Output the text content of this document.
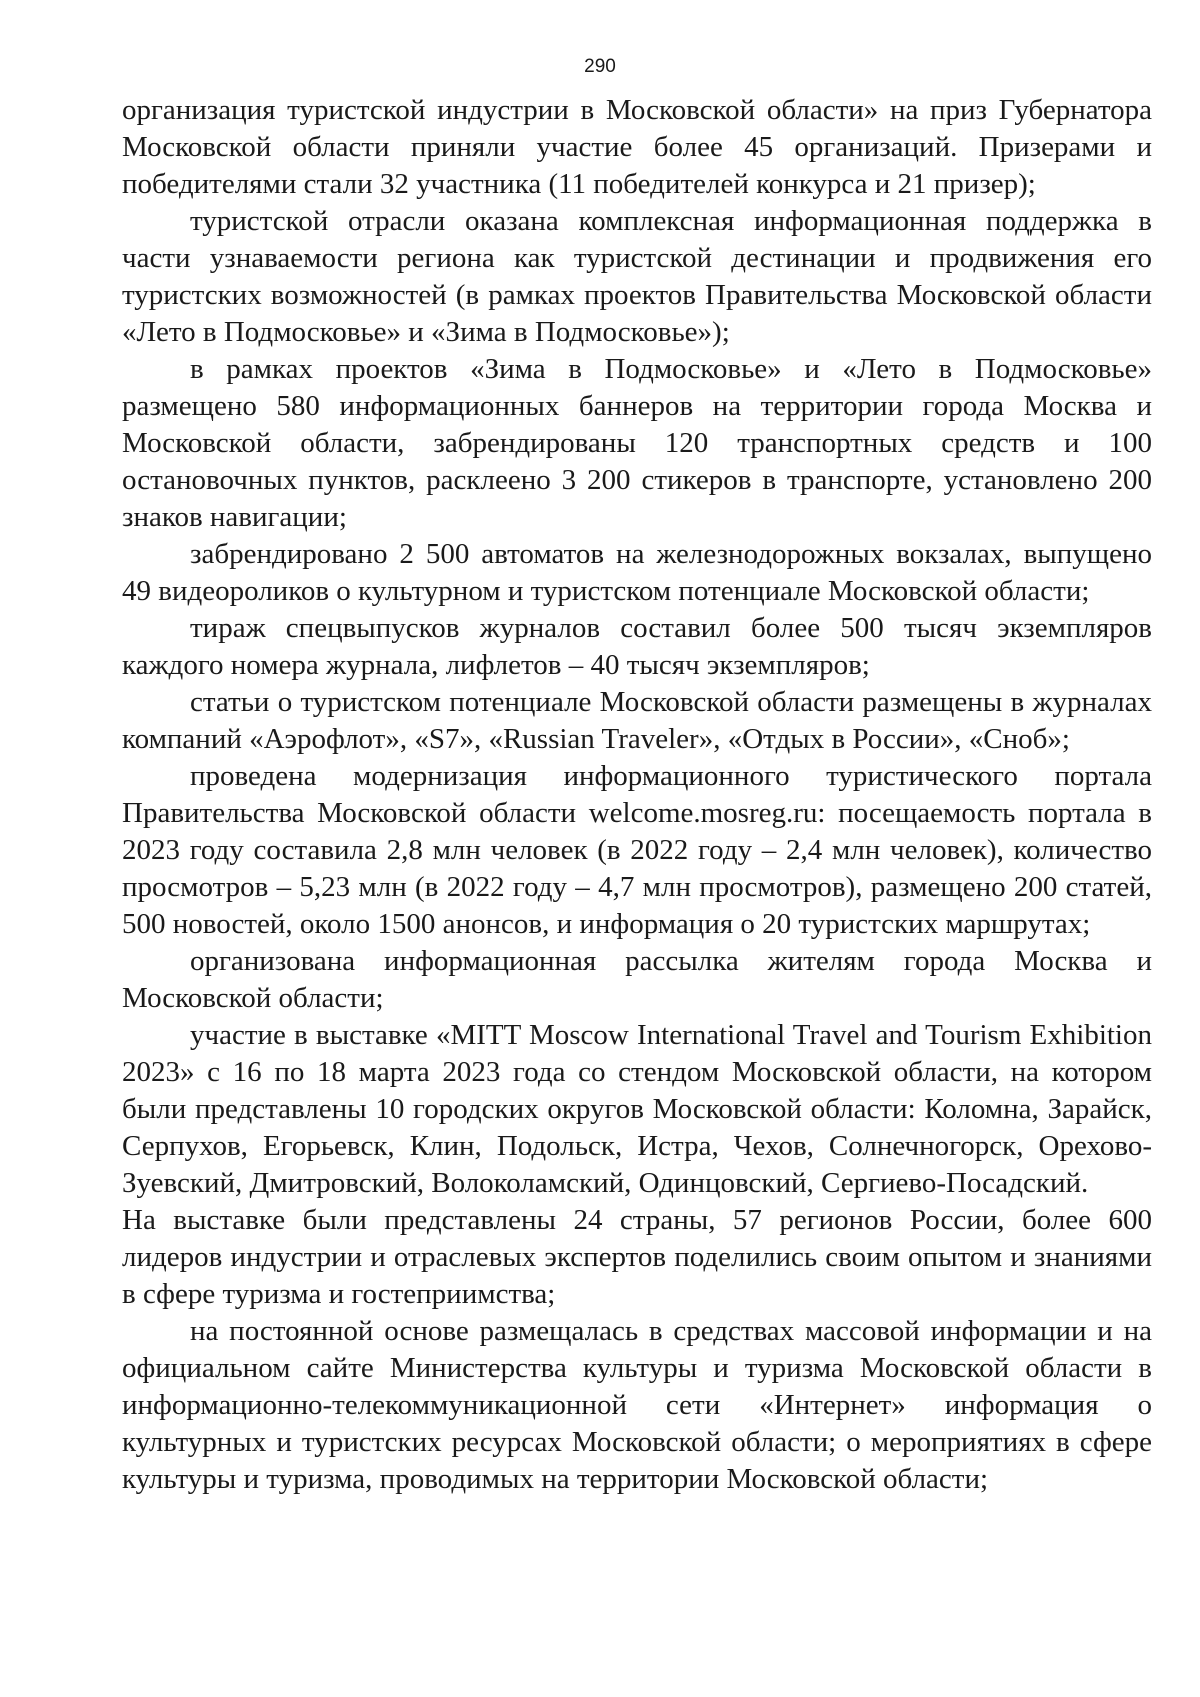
290

организация туристской индустрии в Московской области» на приз Губернатора Московской области приняли участие более 45 организаций. Призерами и победителями стали 32 участника (11 победителей конкурса и 21 призер);

туристской отрасли оказана комплексная информационная поддержка в части узнаваемости региона как туристской дестинации и продвижения его туристских возможностей (в рамках проектов Правительства Московской области «Лето в Подмосковье» и «Зима в Подмосковье»);

в рамках проектов «Зима в Подмосковье» и «Лето в Подмосковье» размещено 580 информационных баннеров на территории города Москва и Московской области, забрендированы 120 транспортных средств и 100 остановочных пунктов, расклеено 3 200 стикеров в транспорте, установлено 200 знаков навигации;

забрендировано 2 500 автоматов на железнодорожных вокзалах, выпущено 49 видеороликов о культурном и туристском потенциале Московской области;

тираж спецвыпусков журналов составил более 500 тысяч экземпляров каждого номера журнала, лифлетов – 40 тысяч экземпляров;

статьи о туристском потенциале Московской области размещены в журналах компаний «Аэрофлот», «S7», «Russian Traveler», «Отдых в России», «Сноб»;

проведена модернизация информационного туристического портала Правительства Московской области welcome.mosreg.ru: посещаемость портала в 2023 году составила 2,8 млн человек (в 2022 году – 2,4 млн человек), количество просмотров – 5,23 млн (в 2022 году – 4,7 млн просмотров), размещено 200 статей, 500 новостей, около 1500 анонсов, и информация о 20 туристских маршрутах;

организована информационная рассылка жителям города Москва и Московской области;

участие в выставке «MITT Moscow International Travel and Tourism Exhibition 2023» с 16 по 18 марта 2023 года со стендом Московской области, на котором были представлены 10 городских округов Московской области: Коломна, Зарайск, Серпухов, Егорьевск, Клин, Подольск, Истра, Чехов, Солнечногорск, Орехово-Зуевский, Дмитровский, Волоколамский, Одинцовский, Сергиево-Посадский.

На выставке были представлены 24 страны, 57 регионов России, более 600 лидеров индустрии и отраслевых экспертов поделились своим опытом и знаниями в сфере туризма и гостеприимства;

на постоянной основе размещалась в средствах массовой информации и на официальном сайте Министерства культуры и туризма Московской области в информационно-телекоммуникационной сети «Интернет» информация о культурных и туристских ресурсах Московской области; о мероприятиях в сфере культуры и туризма, проводимых на территории Московской области;
